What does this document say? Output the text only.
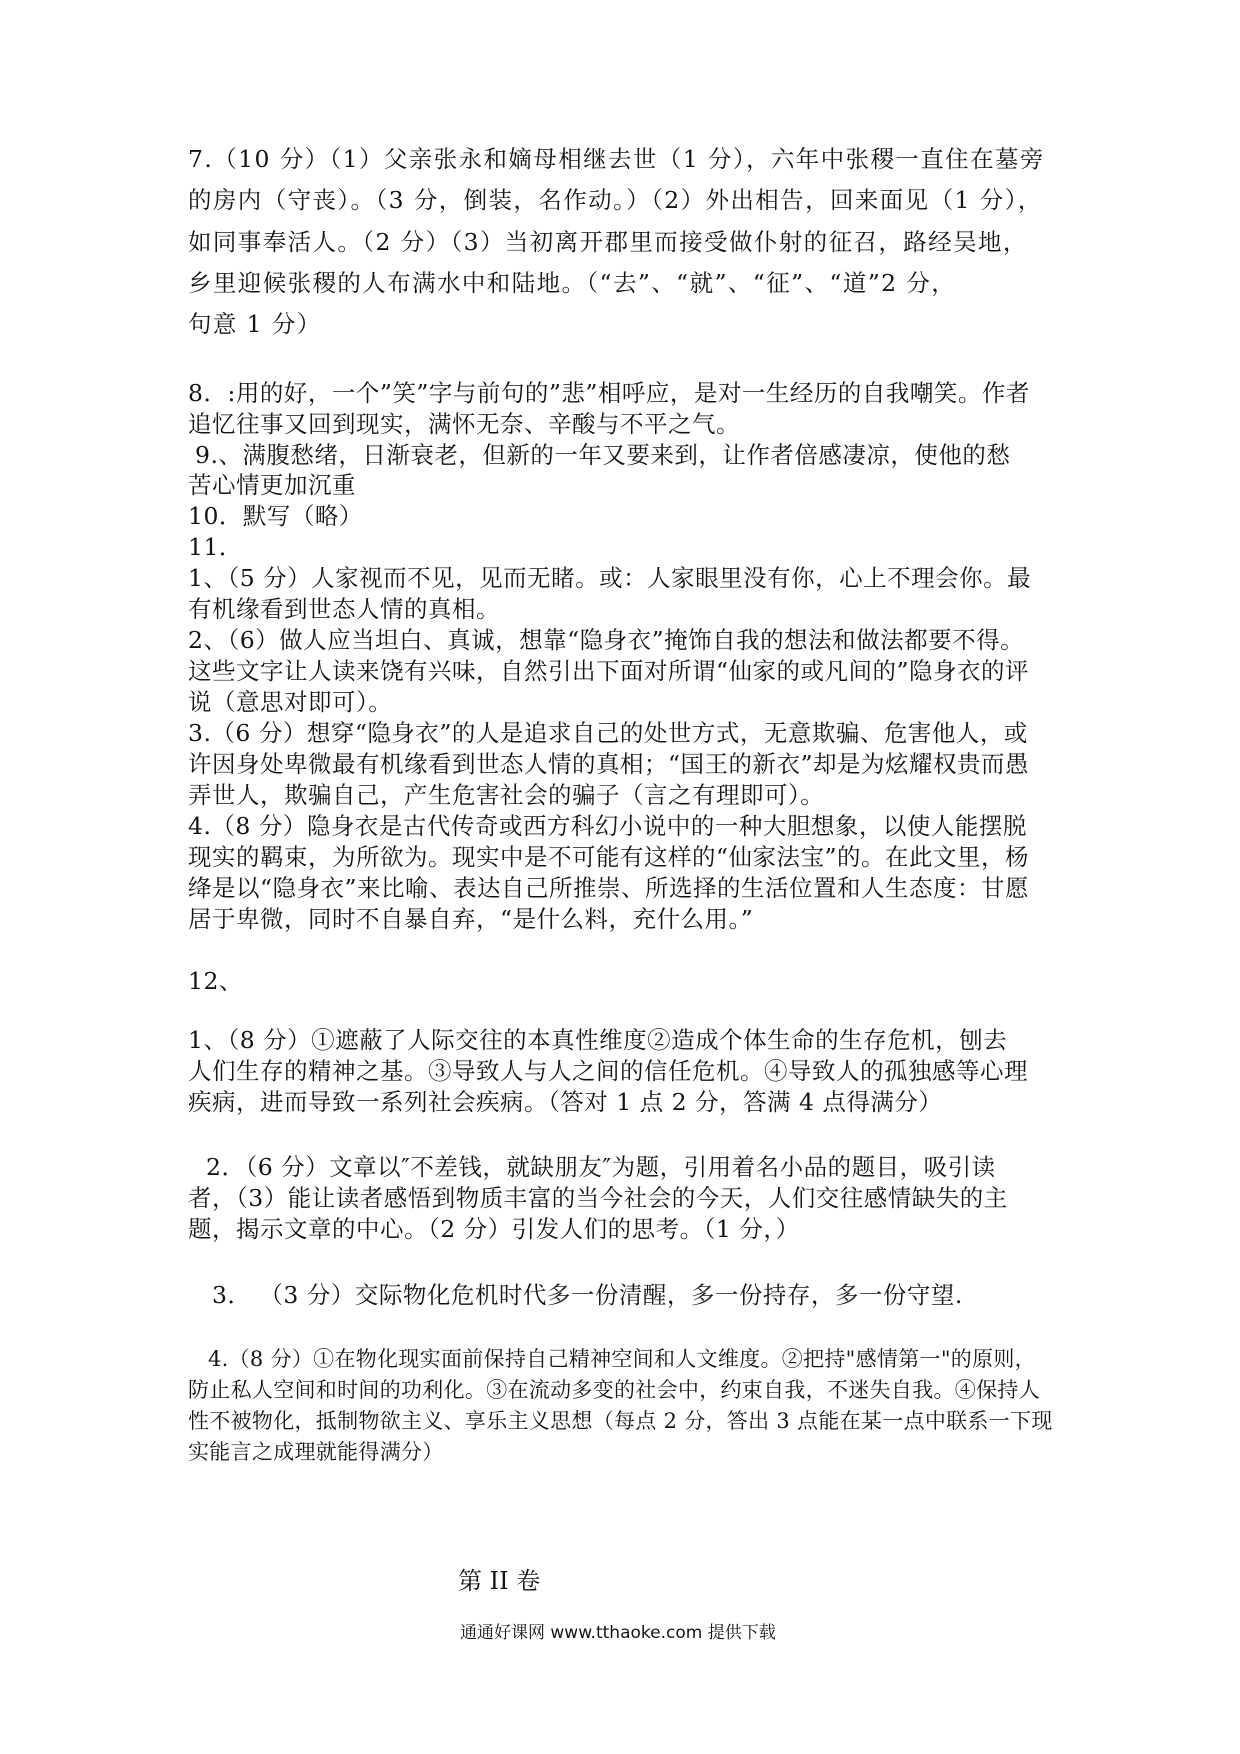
7.（10 分）（1）父亲张永和嫡母相继去世（1 分），六年中张稷一直住在墓旁
的房内（守丧）。（3 分，倒装，名作动。）（2）外出相告，回来面见（1 分），
如同事奉活人。（2 分）（3）当初离开郡里而接受做仆射的征召，路经吴地，
乡里迎候张稷的人布满水中和陆地。（“去”、“就”、“征”、“道”2 分，
句意 1 分）
8．:用的好，一个”笑”字与前句的”悲”相呼应，是对一生经历的自我嘲笑。作者
追忆往事又回到现实，满怀无奈、辛酸与不平之气。
9.、满腹愁绪，日渐衰老，但新的一年又要来到，让作者倍感凄凉，使他的愁
苦心情更加沉重
10．默写（略）
11．
1、（5 分）人家视而不见，见而无睹。或：人家眼里没有你，心上不理会你。最
有机缘看到世态人情的真相。
2、（6）做人应当坦白、真诚，想靠“隐身衣”掩饰自我的想法和做法都要不得。
这些文字让人读来饶有兴味，自然引出下面对所谓“仙家的或凡间的”隐身衣的评
说（意思对即可）。
3.（6 分）想穿“隐身衣”的人是追求自己的处世方式，无意欺骗、危害他人，或
许因身处卑微最有机缘看到世态人情的真相；“国王的新衣”却是为炫耀权贵而愚
弄世人，欺骗自己，产生危害社会的骗子（言之有理即可）。
4.（8 分）隐身衣是古代传奇或西方科幻小说中的一种大胆想象，以使人能摆脱
现实的羁束，为所欲为。现实中是不可能有这样的“仙家法宝”的。在此文里，杨
绛是以“隐身衣”来比喻、表达自己所推崇、所选择的生活位置和人生态度：甘愿
居于卑微，同时不自暴自弃，“是什么料，充什么用。”
12、
1、（8 分）①遮蔽了人际交往的本真性维度②造成个体生命的生存危机，刨去
人们生存的精神之基。③导致人与人之间的信任危机。④导致人的孤独感等心理
疾病，进而导致一系列社会疾病。（答对 1 点 2 分，答满 4 点得满分）
2．（6 分）文章以″不差钱，就缺朋友″为题，引用着名小品的题目，吸引读
者，（3）能让读者感悟到物质丰富的当今社会的今天，人们交往感情缺失的主
题，揭示文章的中心。（2 分）引发人们的思考。（1 分，）
3． （3 分）交际物化危机时代多一份清醒，多一份持存，多一份守望.
4.（8 分）①在物化现实面前保持自己精神空间和人文维度。②把持"感情第一"的原则，
防止私人空间和时间的功利化。③在流动多变的社会中，约束自我，不迷失自我。④保持人
性不被物化，抵制物欲主义、享乐主义思想（每点 2 分，答出 3 点能在某一点中联系一下现
实能言之成理就能得满分）
第 II 卷
通通好课网 www.tthaoke.com 提供下载
